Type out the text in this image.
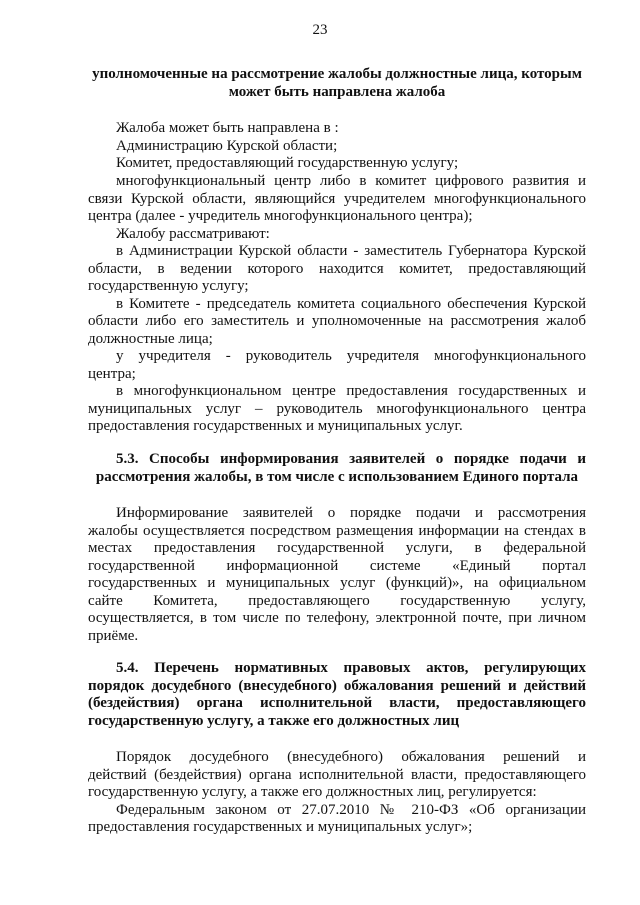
23
уполномоченные на рассмотрение жалобы должностные лица, которым
может быть направлена жалоба
Жалоба может быть направлена в :
Администрацию Курской области;
Комитет, предоставляющий государственную услугу;
многофункциональный центр либо в комитет цифрового развития и
связи Курской области, являющийся учредителем многофункционального
центра (далее - учредитель многофункционального центра);
Жалобу рассматривают:
в Администрации Курской области - заместитель Губернатора Курской
области, в ведении которого находится комитет, предоставляющий
государственную услугу;
в Комитете - председатель комитета социального обеспечения Курской
области либо его заместитель и уполномоченные на рассмотрения жалоб
должностные лица;
у учредителя - руководитель учредителя многофункционального
центра;
в многофункциональном центре предоставления государственных и
муниципальных услуг – руководитель многофункционального центра
предоставления государственных и муниципальных услуг.
5.3. Способы информирования заявителей о порядке подачи и
рассмотрения жалобы, в том числе с использованием Единого портала
Информирование заявителей о порядке подачи и рассмотрения
жалобы осуществляется посредством размещения информации на стендах в
местах предоставления государственной услуги, в федеральной
государственной информационной системе «Единый портал
государственных и муниципальных услуг (функций)», на официальном
сайте Комитета, предоставляющего государственную услугу,
осуществляется, в том числе по телефону, электронной почте, при личном
приёме.
5.4. Перечень нормативных правовых актов, регулирующих
порядок досудебного (внесудебного) обжалования решений и действий
(бездействия) органа исполнительной власти, предоставляющего
государственную услугу, а также его должностных лиц
Порядок досудебного (внесудебного) обжалования решений и
действий (бездействия) органа исполнительной власти, предоставляющего
государственную услугу, а также его должностных лиц, регулируется:
Федеральным законом от 27.07.2010 № 210-ФЗ «Об организации
предоставления государственных и муниципальных услуг»;
